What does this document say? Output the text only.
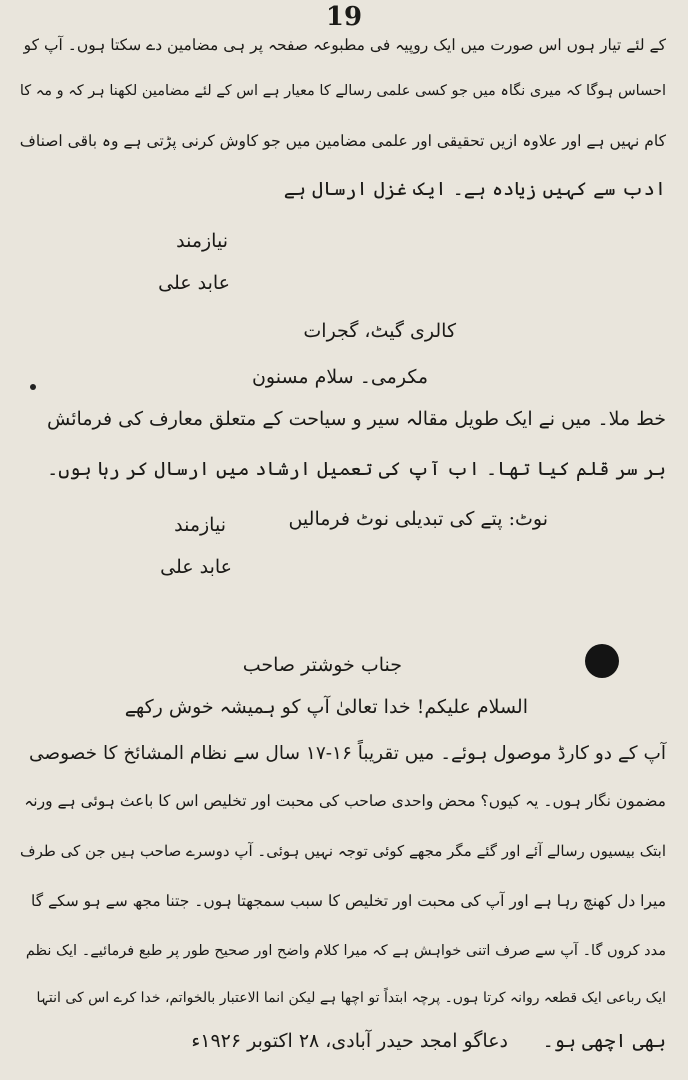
19
کے لئے تیار ہوں اس صورت میں ایک روپیہ فی مطبوعہ صفحہ پر ہی مضامین دے سکتا ہوں۔ آپ کو
احساس ہوگا کہ میری نگاہ میں جو کسی علمی رسالے کا معیار ہے اس کے لئے مضامین لکھنا ہر کہ و مہ کا
کام نہیں ہے اور علاوہ ازیں تحقیقی اور علمی مضامین میں جو کاوش کرنی پڑتی ہے وہ باقی اصناف
ادب سے کہیں زیادہ ہے۔ ایک غزل ارسال ہے
نیازمند
عابد علی
کالری گیٹ، گجرات
مکرمی۔ سلام مسنون
خط ملا۔ میں نے ایک طویل مقالہ سیر و سیاحت کے متعلق معارف کی فرمائش
بر سر قلم کیا تھا۔ اب آپ کی تعمیل ارشاد میں ارسال کر رہا ہوں۔
نوٹ: پتے کی تبدیلی نوٹ فرمالیں
نیازمند
عابد علی
جناب خوشتر صاحب
السلام علیکم! خدا تعالیٰ آپ کو ہمیشہ خوش رکھے
آپ کے دو کارڈ موصول ہوئے۔ میں تقریباً ۱۶-۱۷ سال سے نظام المشائخ کا خصوصی
مضمون نگار ہوں۔ یہ کیوں؟ محض واحدی صاحب کی محبت اور تخلیص اس کا باعث ہوئی ہے ورنہ
ابتک بیسیوں رسالے آئے اور گئے مگر مجھے کوئی توجہ نہیں ہوئی۔ آپ دوسرے صاحب ہیں جن کی طرف
میرا دل کھنچ رہا ہے اور آپ کی محبت اور تخلیص کا سبب سمجھتا ہوں۔ جتنا مجھ سے ہو سکے گا
مدد کروں گا۔ آپ سے صرف اتنی خواہش ہے کہ میرا کلام واضح اور صحیح طور پر طبع فرمائیے۔ ایک نظم
ایک رباعی ایک قطعہ روانہ کرتا ہوں۔ پرچہ ابتداً تو اچھا ہے لیکن انما الاعتبار بالخواتم، خدا کرے اس کی انتہا
بھی اچھی ہو۔
دعاگو امجد حیدر آبادی، ۲۸ اکتوبر ۱۹۲۶ء
